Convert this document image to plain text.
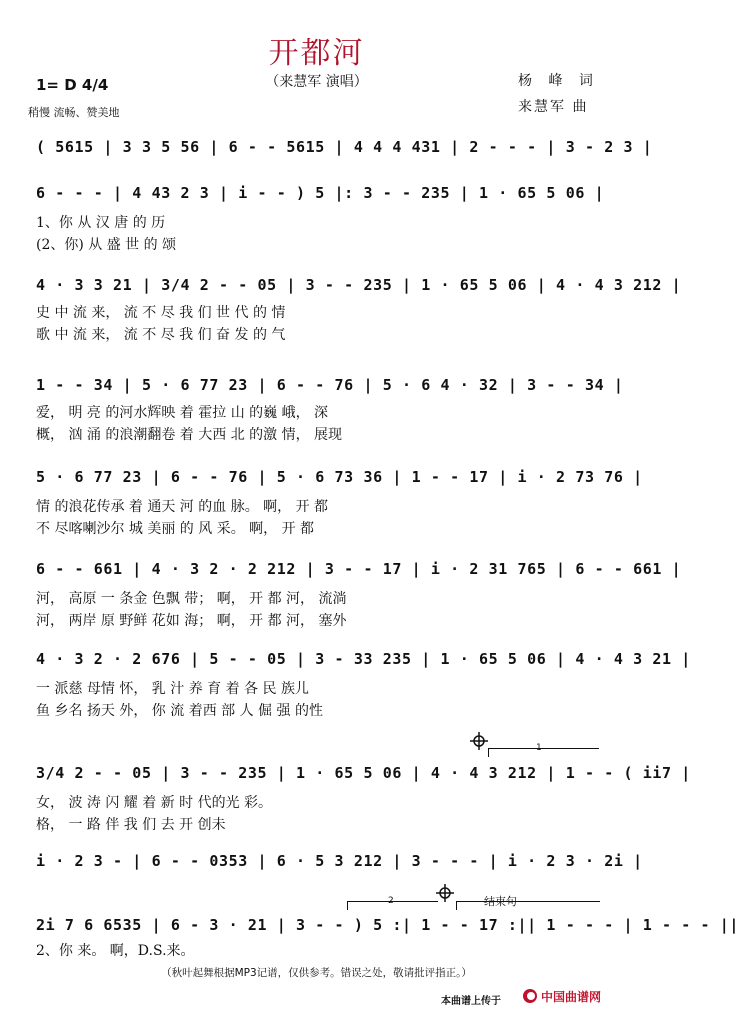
开都河
（来慧军 演唱）
1= D 4/4
稍慢 流畅、赞美地
杨 峰 词
来慧军 曲
( 5615 | 3 3 5 56 | 6 - - 5615 | 4 4 4 431 | 2 - - - | 3 - 2 3 |
6 - - - | 4 43 2 3 | i - - ) 5 |: 3 - - 235 | 1 · 65 5 06 |
1、你 从 汉 唐 的 历
(2、你) 从 盛 世 的 颂
4 · 3 3 21 | 3/4 2 - - 05 | 3 - - 235 | 1 · 65 5 06 | 4 · 4 3 212 |
史 中 流 来， 流 不 尽 我 们 世 代 的 情
歌 中 流 来， 流 不 尽 我 们 奋 发 的 气
1 - - 34 | 5 · 6 77 23 | 6 - - 76 | 5 · 6 4 · 32 | 3 - - 34 |
爱， 明 亮 的河水辉映 着 霍拉 山 的巍 峨， 深
概， 汹 涌 的浪潮翻卷 着 大西 北 的激 情， 展现
5 · 6 77 23 | 6 - - 76 | 5 · 6 73 36 | 1 - - 17 | i · 2 73 76 |
情 的浪花传承 着 通天 河 的血 脉。 啊， 开 都
不 尽喀喇沙尔 城 美丽 的 风 采。 啊， 开 都
6 - - 661 | 4 · 3 2 · 2 212 | 3 - - 17 | i · 2 31 765 | 6 - - 661 |
河， 高原 一 条金 色飘 带； 啊， 开 都 河， 流淌
河， 两岸 原 野鲜 花如 海； 啊， 开 都 河， 塞外
4 · 3 2 · 2 676 | 5 - - 05 | 3 - 33 235 | 1 · 65 5 06 | 4 · 4 3 21 |
一 派慈 母情 怀， 乳 汁 养 育 着 各 民 族儿
鱼 乡名 扬天 外， 你 流 着西 部 人 倔 强 的性
3/4 2 - - 05 | 3 - - 235 | 1 · 65 5 06 | 4 · 4 3 212 | 1 - - ( ii7 |
女， 波 涛 闪 耀 着 新 时 代的光 彩。
格， 一 路 伴 我 们 去 开 创未
i · 2 3 - | 6 - - 0353 | 6 · 5 3 212 | 3 - - - | i · 2 3 · 2i |
2i 7 6 6535 | 6 - 3 · 21 | 3 - - ) 5 :| 1 - - 17 :|| 1 - - - | 1 - - - ||
2、你 来。 啊，D.S.来。
1
2	结束句
（秋叶起舞根据MP3记谱，仅供参考。错误之处，敬请批评指正。）
本曲谱上传于	中国曲谱网
